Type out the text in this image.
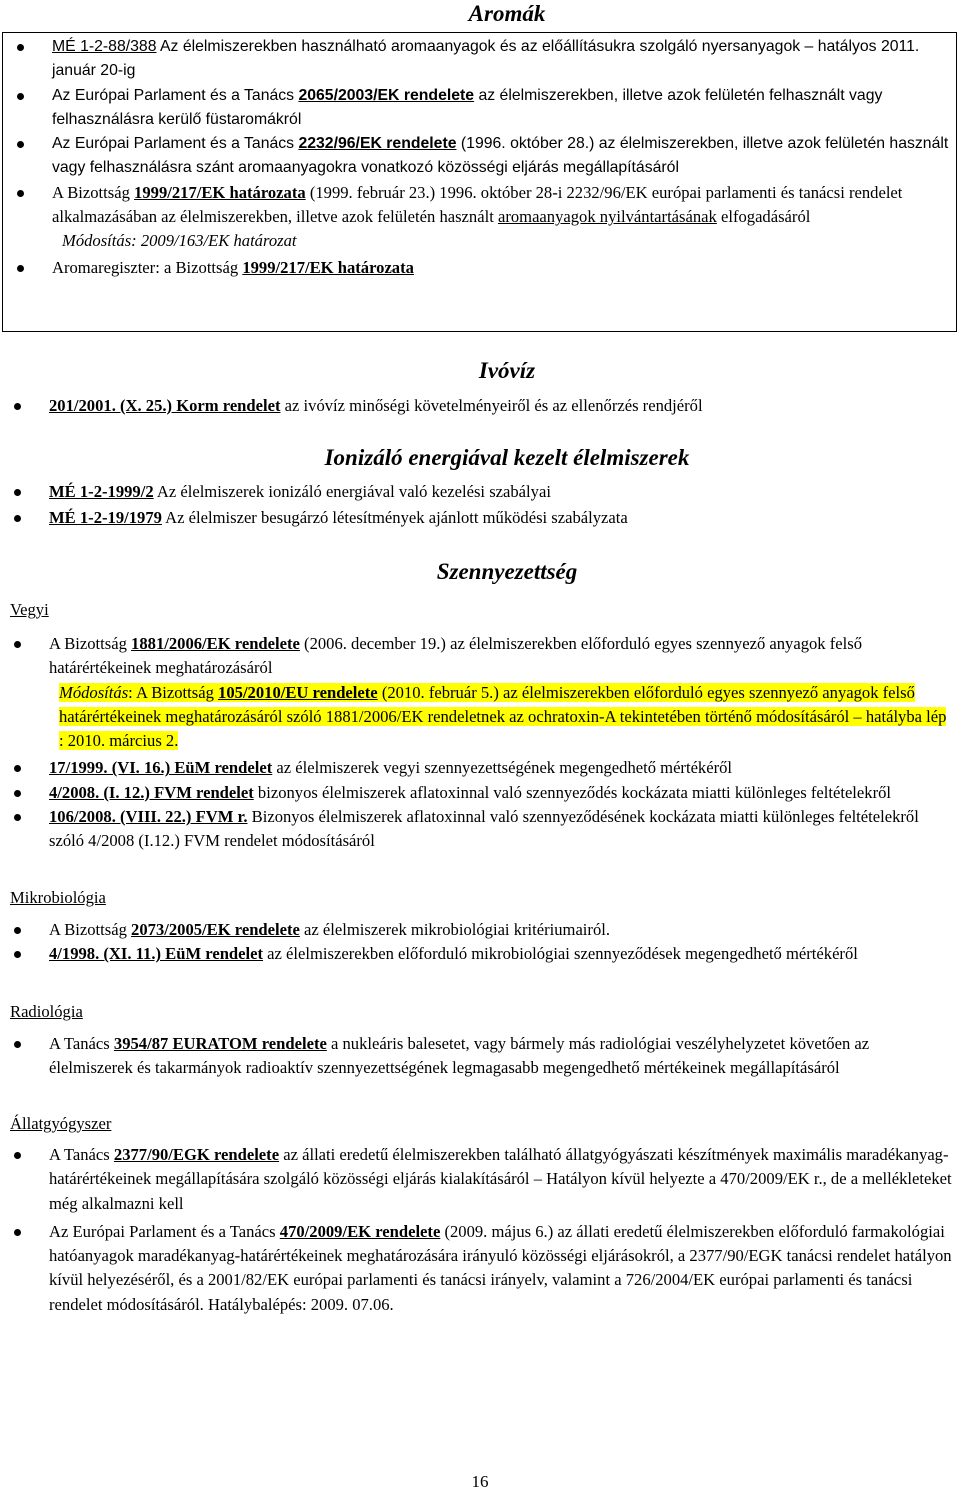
Aromák
MÉ 1-2-88/388 Az élelmiszerekben használható aromaanyagok és az előállításukra szolgáló nyersanyagok – hatályos 2011. január 20-ig
Az Európai Parlament és a Tanács 2065/2003/EK rendelete az élelmiszerekben, illetve azok felületén felhasznált vagy felhasználásra kerülő füstaromákról
Az Európai Parlament és a Tanács 2232/96/EK rendelete (1996. október 28.) az élelmiszerekben, illetve azok felületén használt vagy felhasználásra szánt aromaanyagokra vonatkozó közösségi eljárás megállapításáról
A Bizottság 1999/217/EK határozata (1999. február 23.) 1996. október 28-i 2232/96/EK európai parlamenti és tanácsi rendelet alkalmazásában az élelmiszerekben, illetve azok felületén használt aromaanyagok nyilvántartásának elfogadásáról
Módosítás: 2009/163/EK határozat
Aromaregiszter: a Bizottság 1999/217/EK határozata
Ivóvíz
201/2001. (X. 25.) Korm rendelet az ivóvíz minőségi követelményeiről és az ellenőrzés rendjéről
Ionizáló energiával kezelt élelmiszerek
MÉ 1-2-1999/2 Az élelmiszerek ionizáló energiával való kezelési szabályai
MÉ 1-2-19/1979 Az élelmiszer besugárzó létesítmények ajánlott működési szabályzata
Szennyezettség
Vegyi
A Bizottság 1881/2006/EK rendelete (2006. december 19.) az élelmiszerekben előforduló egyes szennyező anyagok felső határértékeinek meghatározásáról
Módosítás: A Bizottság 105/2010/EU rendelete (2010. február 5.) az élelmiszerekben előforduló egyes szennyező anyagok felső határértékeinek meghatározásáról szóló 1881/2006/EK rendeletnek az ochratoxin-A tekintetében történő módosításáról – hatályba lép : 2010. március 2.
17/1999. (VI. 16.) EüM rendelet az élelmiszerek vegyi szennyezettségének megengedhető mértékéről
4/2008. (I. 12.) FVM rendelet bizonyos élelmiszerek aflatoxinnal való szennyeződés kockázata miatti különleges feltételekről
106/2008. (VIII. 22.) FVM r. Bizonyos élelmiszerek aflatoxinnal való szennyeződésének kockázata miatti különleges feltételekről szóló 4/2008 (I.12.) FVM rendelet módosításáról
Mikrobiológia
A Bizottság 2073/2005/EK rendelete az élelmiszerek mikrobiológiai kritériumairól.
4/1998. (XI. 11.) EüM rendelet az élelmiszerekben előforduló mikrobiológiai szennyeződések megengedhető mértékéről
Radiológia
A Tanács 3954/87 EURATOM rendelete a nukleáris balesetet, vagy bármely más radiológiai veszélyhelyzetet követően az élelmiszerek és takarmányok radioaktív szennyezettségének legmagasabb megengedhető mértékeinek megállapításáról
Állatgyógyszer
A Tanács 2377/90/EGK rendelete az állati eredetű élelmiszerekben található állatgyógyászati készítmények maximális maradékanyag-határértékeinek megállapítására szolgáló közösségi eljárás kialakításáról – Hatályon kívül helyezte a 470/2009/EK r., de a mellékleteket még alkalmazni kell
Az Európai Parlament és a Tanács 470/2009/EK rendelete (2009. május 6.) az állati eredetű élelmiszerekben előforduló farmakológiai hatóanyagok maradékanyag-határértékeinek meghatározására irányuló közösségi eljárásokról, a 2377/90/EGK tanácsi rendelet hatályon kívül helyezéséről, és a 2001/82/EK európai parlamenti és tanácsi irányelv, valamint a 726/2004/EK európai parlamenti és tanácsi rendelet módosításáról. Hatálybalépés: 2009. 07.06.
16
